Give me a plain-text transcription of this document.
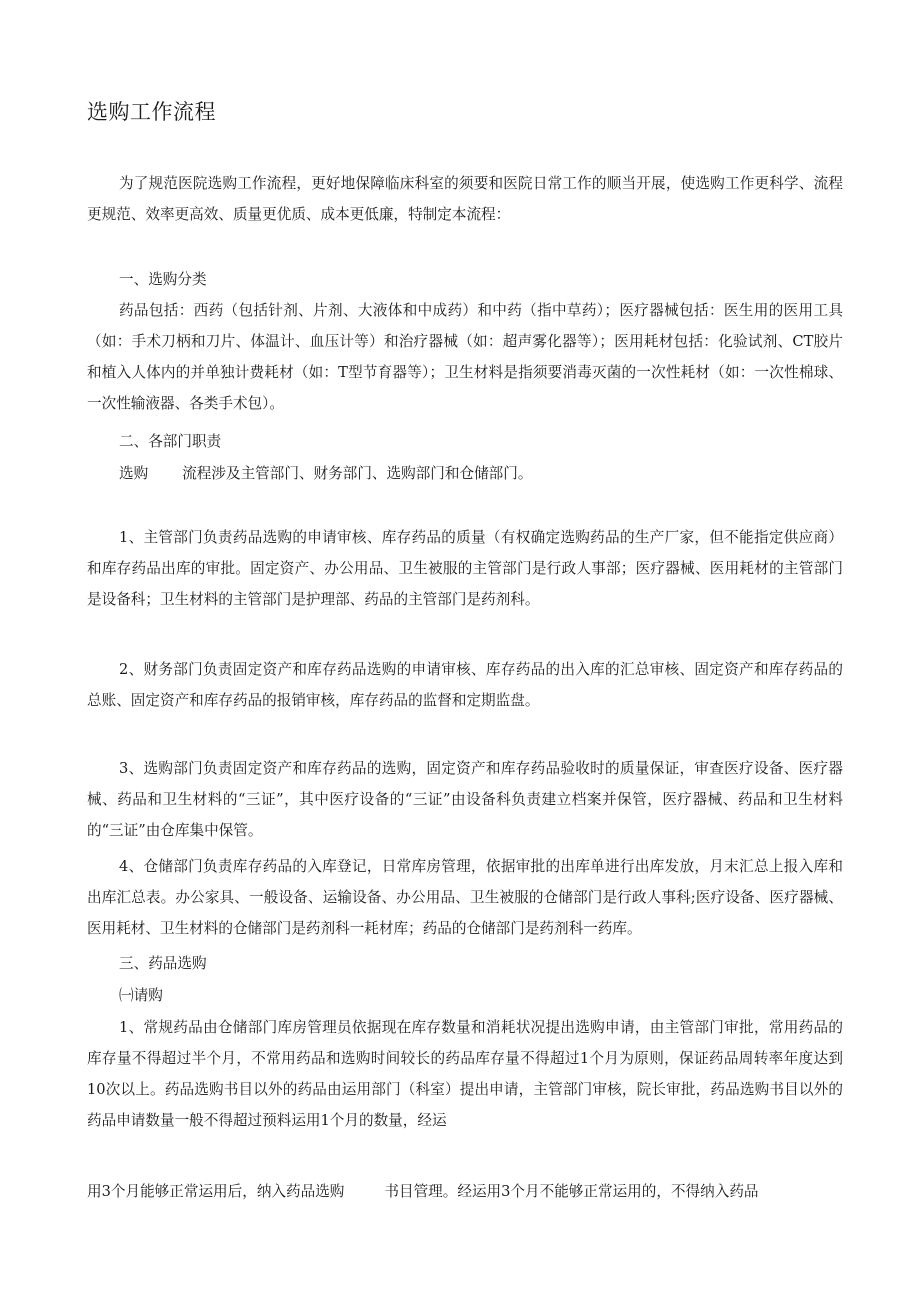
选购工作流程

为了规范医院选购工作流程，更好地保障临床科室的须要和医院日常工作的顺当开展，使选购工作更科学、流程更规范、效率更高效、质量更优质、成本更低廉，特制定本流程：

一、选购分类

药品包括：西药（包括针剂、片剂、大液体和中成药）和中药（指中草药）；医疗器械包括：医生用的医用工具（如：手术刀柄和刀片、体温计、血压计等）和治疗器械（如：超声雾化器等）；医用耗材包括：化验试剂、CT胶片和植入人体内的并单独计费耗材（如：T型节育器等）；卫生材料是指须要消毒灭菌的一次性耗材（如：一次性棉球、一次性输液器、各类手术包）。

二、各部门职责

选购 流程涉及主管部门、财务部门、选购部门和仓储部门。

1、主管部门负责药品选购的申请审核、库存药品的质量（有权确定选购药品的生产厂家，但不能指定供应商）和库存药品出库的审批。固定资产、办公用品、卫生被服的主管部门是行政人事部；医疗器械、医用耗材的主管部门是设备科；卫生材料的主管部门是护理部、药品的主管部门是药剂科。

2、财务部门负责固定资产和库存药品选购的申请审核、库存药品的出入库的汇总审核、固定资产和库存药品的总账、固定资产和库存药品的报销审核，库存药品的监督和定期监盘。

3、选购部门负责固定资产和库存药品的选购，固定资产和库存药品验收时的质量保证，审查医疗设备、医疗器械、药品和卫生材料的“三证”，其中医疗设备的“三证”由设备科负责建立档案并保管，医疗器械、药品和卫生材料的“三证”由仓库集中保管。

4、仓储部门负责库存药品的入库登记，日常库房管理，依据审批的出库单进行出库发放，月末汇总上报入库和出库汇总表。办公家具、一般设备、运输设备、办公用品、卫生被服的仓储部门是行政人事科;医疗设备、医疗器械、医用耗材、卫生材料的仓储部门是药剂科一耗材库；药品的仓储部门是药剂科一药库。

三、药品选购

㈠请购

1、常规药品由仓储部门库房管理员依据现在库存数量和消耗状况提出选购申请，由主管部门审批，常用药品的库存量不得超过半个月，不常用药品和选购时间较长的药品库存量不得超过1个月为原则，保证药品周转率年度达到10次以上。药品选购书目以外的药品由运用部门（科室）提出申请，主管部门审核，院长审批，药品选购书目以外的药品申请数量一般不得超过预料运用1个月的数量，经运

用3个月能够正常运用后，纳入药品选购	书目管理。经运用3个月不能够正常运用的，不得纳入药品
